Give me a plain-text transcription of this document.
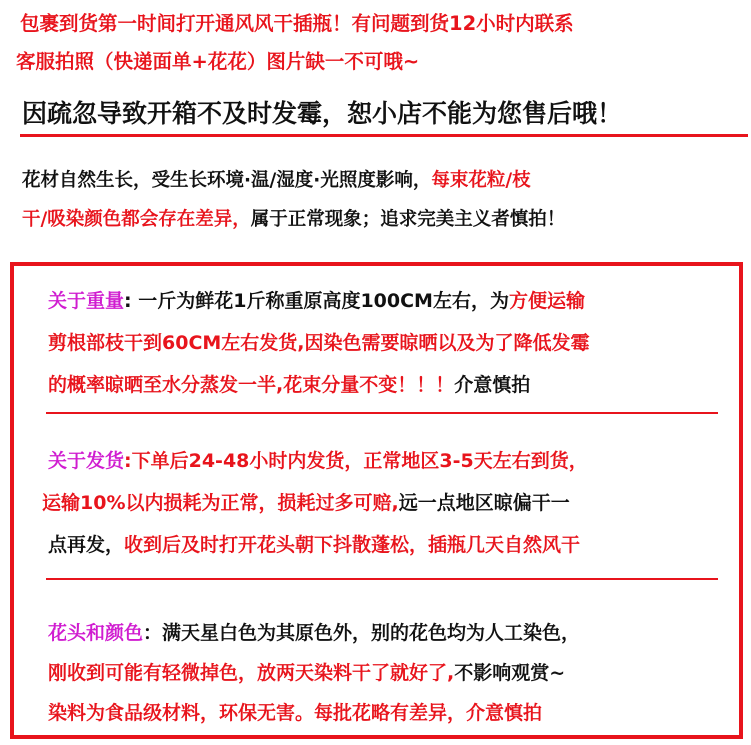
包裹到货第一时间打开通风风干插瓶！有问题到货12小时内联系
客服拍照（快递面单+花花）图片缺一不可哦~
因疏忽导致开箱不及时发霉，恕小店不能为您售后哦！
花材自然生长，受生长环境·温/湿度·光照度影响，每束花粒/枝
干/吸染颜色都会存在差异，属于正常现象；追求完美主义者慎拍！
关于重量: 一斤为鲜花1斤称重原高度100CM左右，为方便运输
剪根部枝干到60CM左右发货,因染色需要晾晒以及为了降低发霉
的概率晾晒至水分蒸发一半,花束分量不变！！！介意慎拍
关于发货:下单后24-48小时内发货，正常地区3-5天左右到货，
运输10%以内损耗为正常，损耗过多可赔,远一点地区晾偏干一
点再发，收到后及时打开花头朝下抖散蓬松，插瓶几天自然风干
花头和颜色：满天星白色为其原色外，别的花色均为人工染色，
刚收到可能有轻微掉色，放两天染料干了就好了,不影响观赏~
染料为食品级材料，环保无害。每批花略有差异，介意慎拍
